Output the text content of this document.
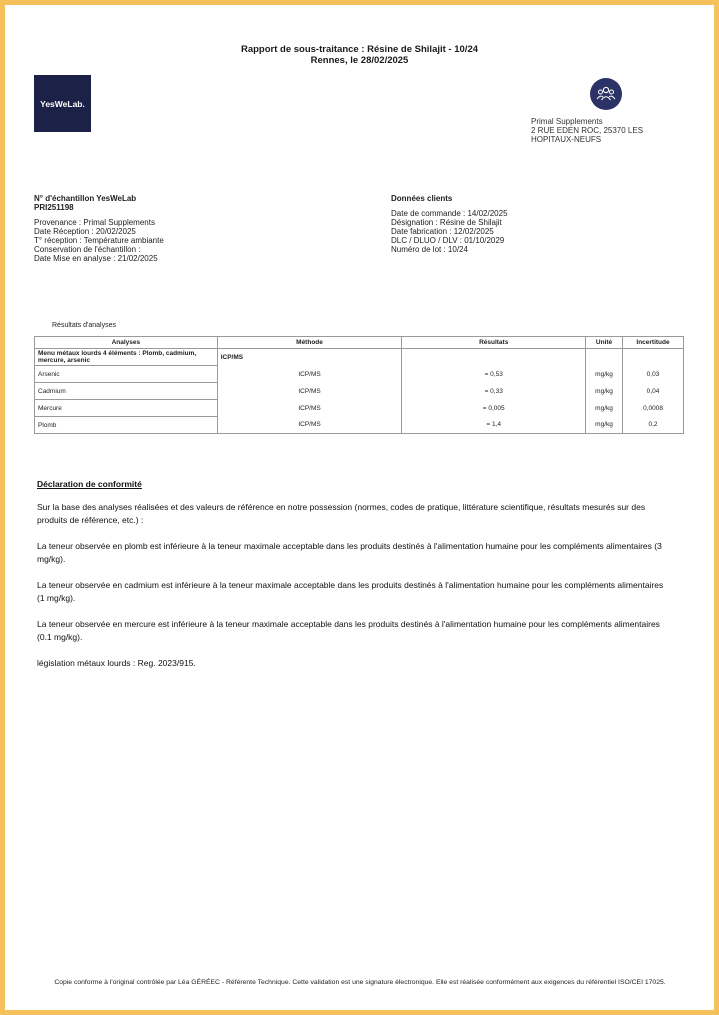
Rapport de sous-traitance : Résine de Shilajit - 10/24
Rennes, le 28/02/2025
YesWeLab.
Primal Supplements
2 RUE EDEN ROC, 25370 LES
HOPITAUX-NEUFS
N° d'échantillon YesWeLab
PRI251198
Provenance : Primal Supplements
Date Réception : 20/02/2025
T° réception : Température ambiante
Conservation de l'échantillon :
Date Mise en analyse : 21/02/2025
Données clients
Date de commande : 14/02/2025
Désignation : Résine de Shilajit
Date fabrication : 12/02/2025
DLC / DLUO / DLV : 01/10/2029
Numéro de lot : 10/24
Résultats d'analyses
Analyses	Méthode	Résultats	Unité	Incertitude
Menu métaux lourds 4 éléments : Plomb, cadmium, mercure, arsenic	ICP/MS			
Arsenic	ICP/MS	= 0,53	mg/kg	0,03
Cadmium	ICP/MS	= 0,33	mg/kg	0,04
Mercure	ICP/MS	= 0,005	mg/kg	0,0008
Plomb	ICP/MS	= 1,4	mg/kg	0,2
Déclaration de conformité

Sur la base des analyses réalisées et des valeurs de référence en notre possession (normes, codes de pratique, littérature scientifique, résultats mesurés sur des produits de référence, etc.) :

La teneur observée en plomb est inférieure à la teneur maximale acceptable dans les produits destinés à l'alimentation humaine pour les compléments alimentaires (3 mg/kg).

La teneur observée en cadmium est inférieure à la teneur maximale acceptable dans les produits destinés à l'alimentation humaine pour les compléments alimentaires (1 mg/kg).

La teneur observée en mercure est inférieure à la teneur maximale acceptable dans les produits destinés à l'alimentation humaine pour les compléments alimentaires (0.1 mg/kg).

législation métaux lourds : Reg. 2023/915.

Copie conforme à l'original contrôlée par Léa GÉRÉEC - Référente Technique. Cette validation est une signature électronique. Elle est réalisée conformément aux exigences du référentiel ISO/CEI 17025.
